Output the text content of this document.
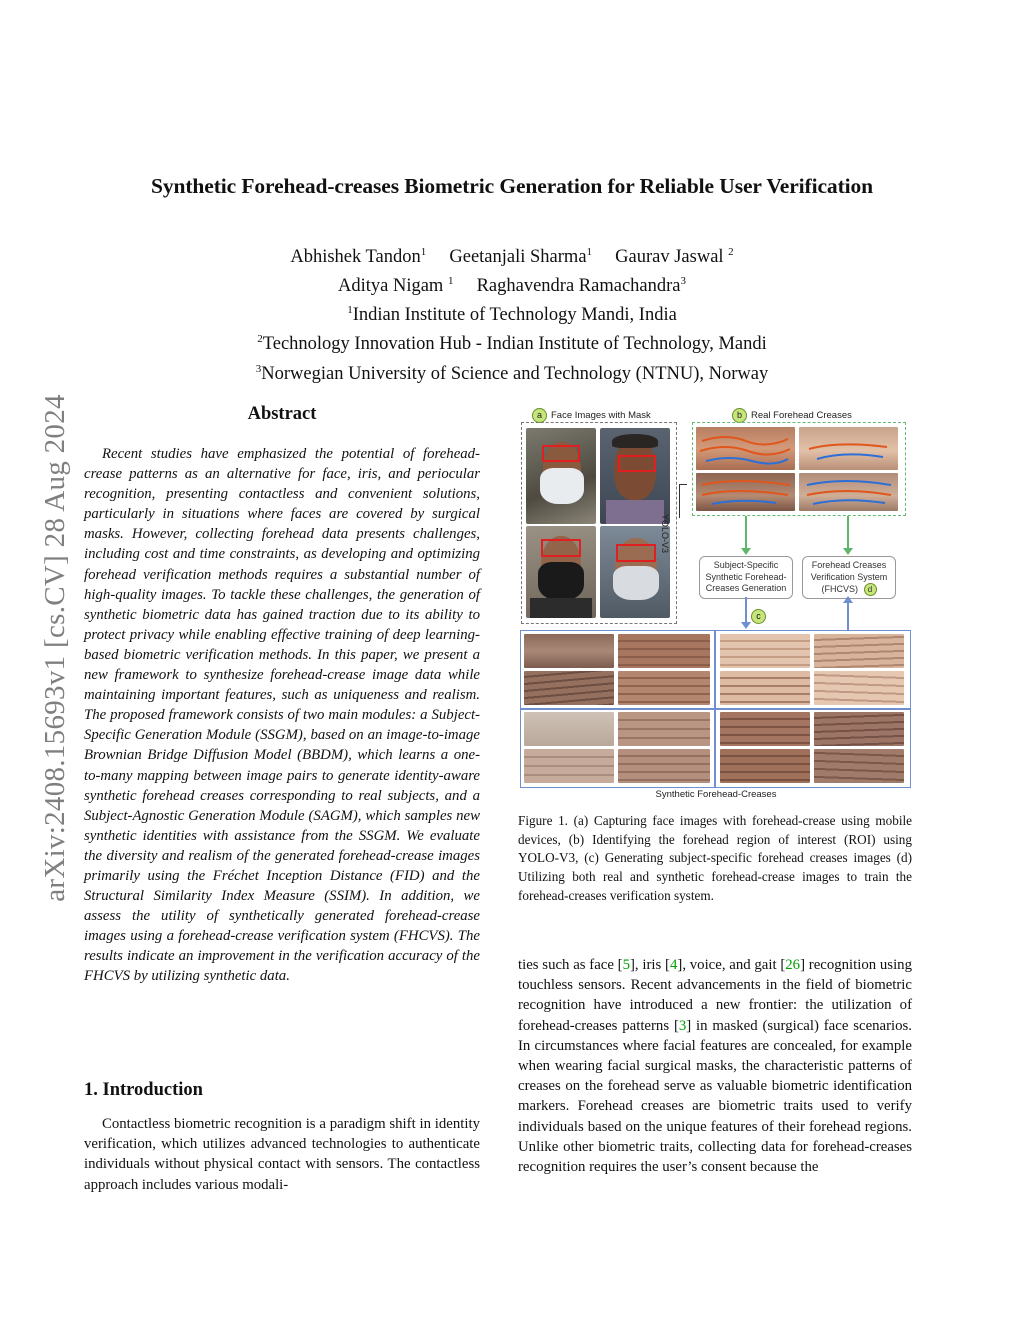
arXiv:2408.15693v1 [cs.CV] 28 Aug 2024
Synthetic Forehead-creases Biometric Generation for Reliable User Verification
Abhishek Tandon$^1$ Geetanjali Sharma$^1$ Gaurav Jaswal $^2$
Aditya Nigam $^1$ Raghavendra Ramachandra$^3$
$^1$Indian Institute of Technology Mandi, India
$^2$Technology Innovation Hub - Indian Institute of Technology, Mandi
$^3$Norwegian University of Science and Technology (NTNU), Norway
Abstract
Recent studies have emphasized the potential of forehead-crease patterns as an alternative for face, iris, and periocular recognition, presenting contactless and convenient solutions, particularly in situations where faces are covered by surgical masks. However, collecting forehead data presents challenges, including cost and time constraints, as developing and optimizing forehead verification methods requires a substantial number of high-quality images. To tackle these challenges, the generation of synthetic biometric data has gained traction due to its ability to protect privacy while enabling effective training of deep learning-based biometric verification methods. In this paper, we present a new framework to synthesize forehead-crease image data while maintaining important features, such as uniqueness and realism. The proposed framework consists of two main modules: a Subject-Specific Generation Module (SSGM), based on an image-to-image Brownian Bridge Diffusion Model (BBDM), which learns a one-to-many mapping between image pairs to generate identity-aware synthetic forehead creases corresponding to real subjects, and a Subject-Agnostic Generation Module (SAGM), which samples new synthetic identities with assistance from the SSGM. We evaluate the diversity and realism of the generated forehead-crease images primarily using the Fréchet Inception Distance (FID) and the Structural Similarity Index Measure (SSIM). In addition, we assess the utility of synthetically generated forehead-crease images using a forehead-crease verification system (FHCVS). The results indicate an improvement in the verification accuracy of the FHCVS by utilizing synthetic data.
1. Introduction
Contactless biometric recognition is a paradigm shift in identity verification, which utilizes advanced technologies to authenticate individuals without physical contact with sensors. The contactless approach includes various modali-
ties such as face [5], iris [4], voice, and gait [26] recognition using touchless sensors. Recent advancements in the field of biometric recognition have introduced a new frontier: the utilization of forehead-creases patterns [3] in masked (surgical) face scenarios. In circumstances where facial features are concealed, for example when wearing facial surgical masks, the characteristic patterns of creases on the forehead serve as valuable biometric identification markers. Forehead creases are biometric traits used to verify individuals based on the unique features of their forehead regions. Unlike other biometric traits, collecting data for forehead-creases recognition requires the user’s consent because the
a Face Images with Mask	b Real Forehead Creases
YOLO-V3
Subject-Specific
Synthetic Forehead-
Creases Generation
Forehead Creases
Verification System
(FHCVS) d
c
Synthetic Forehead-Creases
Figure 1. (a) Capturing face images with forehead-crease using mobile devices, (b) Identifying the forehead region of interest (ROI) using YOLO-V3, (c) Generating subject-specific forehead creases images (d) Utilizing both real and synthetic forehead-crease images to train the forehead-creases verification system.
